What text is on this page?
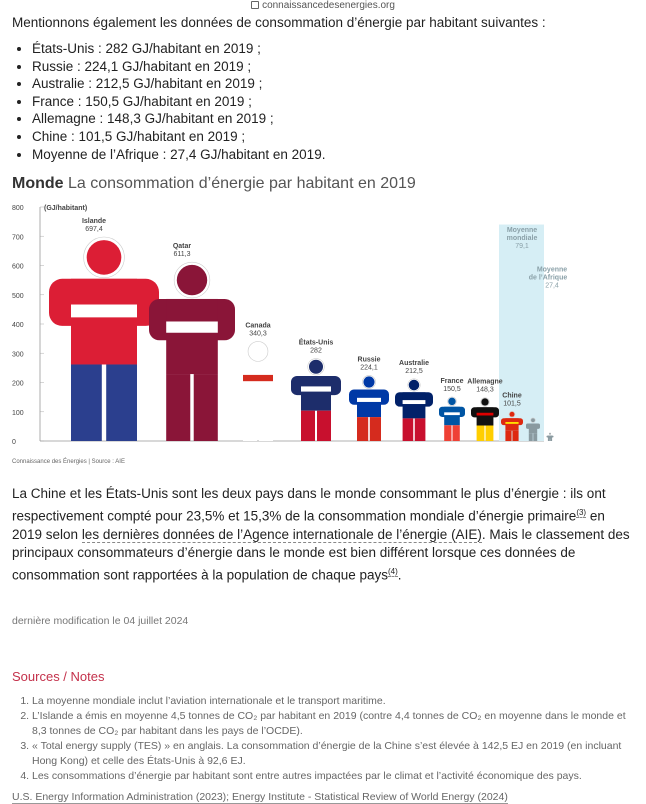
connaissancedesenergies.org
Mentionnons également les données de consommation d’énergie par habitant suivantes :
• États-Unis : 282 GJ/habitant en 2019 ;
• Russie : 224,1 GJ/habitant en 2019 ;
• Australie : 212,5 GJ/habitant en 2019 ;
• France : 150,5 GJ/habitant en 2019 ;
• Allemagne : 148,3 GJ/habitant en 2019 ;
• Chine : 101,5 GJ/habitant en 2019 ;
• Moyenne de l’Afrique : 27,4 GJ/habitant en 2019.
Monde La consommation d’énergie par habitant en 2019
0
100
200
300
400
500
600
700
800	(GJ/habitant)
Islande
697,4
Qatar
611,3
Canada
340,3
États-Unis
282
Russie
224,1
Australie
212,5
France
150,5
Allemagne
148,3
Chine
101,5
Moyenne
mondiale
79,1
Moyenne
de l’Afrique
27,4
Connaissance des Énergies | Source : AIE

La Chine et les États-Unis sont les deux pays dans le monde consommant le plus d’énergie : ils ont respectivement compté pour 23,5% et 15,3% de la consommation mondiale d’énergie primaire$^{(3)}$ en 2019 selon les dernières données de l’Agence internationale de l’énergie (AIE). Mais le classement des principaux consommateurs d’énergie dans le monde est bien différent lorsque ces données de consommation sont rapportées à la population de chaque pays$^{(4)}$.

dernière modification le 04 juillet 2024
Sources / Notes
1. La moyenne mondiale inclut l’aviation internationale et le transport maritime.
2. L’Islande a émis en moyenne 4,5 tonnes de CO₂ par habitant en 2019 (contre 4,4 tonnes de CO₂ en moyenne dans le monde et 8,3 tonnes de CO₂ par habitant dans les pays de l’OCDE).
3. « Total energy supply (TES) » en anglais. La consommation d’énergie de la Chine s’est élevée à 142,5 EJ en 2019 (en incluant Hong Kong) et celle des États-Unis à 92,6 EJ.
4. Les consommations d’énergie par habitant sont entre autres impactées par le climat et l’activité économique des pays.
U.S. Energy Information Administration (2023); Energy Institute - Statistical Review of World Energy (2024)
